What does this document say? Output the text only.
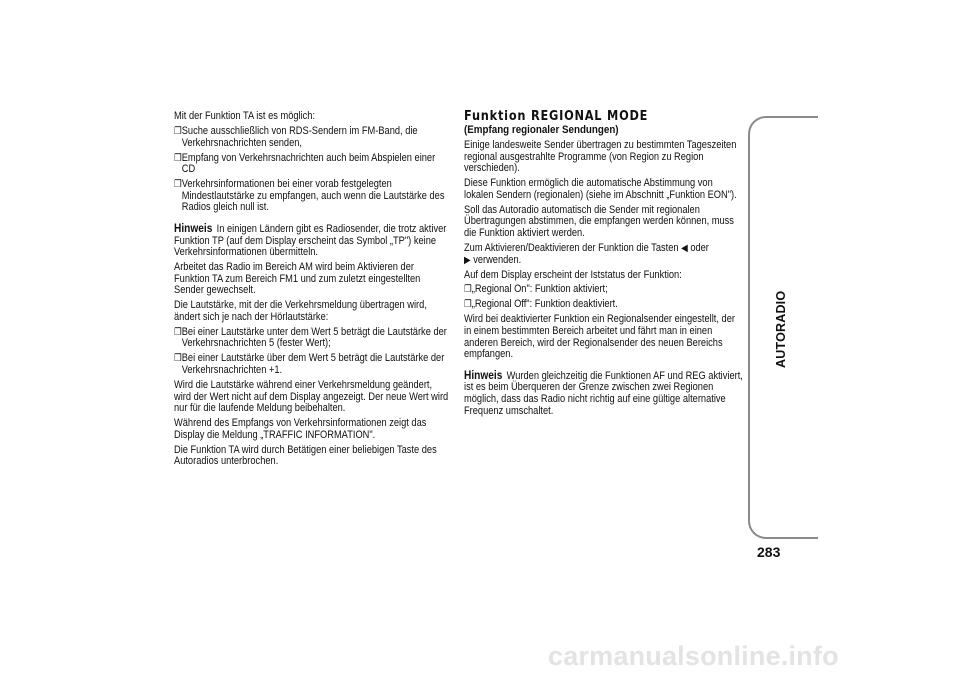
Mit der Funktion TA ist es möglich:

❐ Suche ausschließlich von RDS-Sendern im FM-Band, die Verkehrsnachrichten senden,
❐ Empfang von Verkehrsnachrichten auch beim Abspielen einer CD
❐ Verkehrsinformationen bei einer vorab festgelegten Mindestlautstärke zu empfangen, auch wenn die Lautstärke des Radios gleich null ist.

Hinweis In einigen Ländern gibt es Radiosender, die trotz aktiver Funktion TP (auf dem Display erscheint das Symbol „TP") keine Verkehrsinformationen übermitteln.

Arbeitet das Radio im Bereich AM wird beim Aktivieren der Funktion TA zum Bereich FM1 und zum zuletzt eingestellten Sender gewechselt.

Die Lautstärke, mit der die Verkehrsmeldung übertragen wird, ändert sich je nach der Hörlautstärke:

❐ Bei einer Lautstärke unter dem Wert 5 beträgt die Lautstärke der Verkehrsnachrichten 5 (fester Wert);
❐ Bei einer Lautstärke über dem Wert 5 beträgt die Lautstärke der Verkehrsnachrichten +1.

Wird die Lautstärke während einer Verkehrsmeldung geändert, wird der Wert nicht auf dem Display angezeigt. Der neue Wert wird nur für die laufende Meldung beibehalten.

Während des Empfangs von Verkehrsinformationen zeigt das Display die Meldung „TRAFFIC INFORMATION".

Die Funktion TA wird durch Betätigen einer beliebigen Taste des Autoradios unterbrochen.

Funktion REGIONAL MODE
(Empfang regionaler Sendungen)

Einige landesweite Sender übertragen zu bestimmten Tageszeiten regional ausgestrahlte Programme (von Region zu Region verschieden).

Diese Funktion ermöglich die automatische Abstimmung von lokalen Sendern (regionalen) (siehe im Abschnitt „Funktion EON").

Soll das Autoradio automatisch die Sender mit regionalen Übertragungen abstimmen, die empfangen werden können, muss die Funktion aktiviert werden.

Zum Aktivieren/Deaktivieren der Funktion die Tasten ◀ oder
▶ verwenden.

Auf dem Display erscheint der Iststatus der Funktion:

❐ „Regional On": Funktion aktiviert;
❐ „Regional Off": Funktion deaktiviert.

Wird bei deaktivierter Funktion ein Regionalsender eingestellt, der in einem bestimmten Bereich arbeitet und fährt man in einen anderen Bereich, wird der Regionalsender des neuen Bereichs empfangen.

Hinweis Wurden gleichzeitig die Funktionen AF und REG aktiviert, ist es beim Überqueren der Grenze zwischen zwei Regionen möglich, dass das Radio nicht richtig auf eine gültige alternative Frequenz umschaltet.

AUTORADIO
283
carmanualsonline.info
